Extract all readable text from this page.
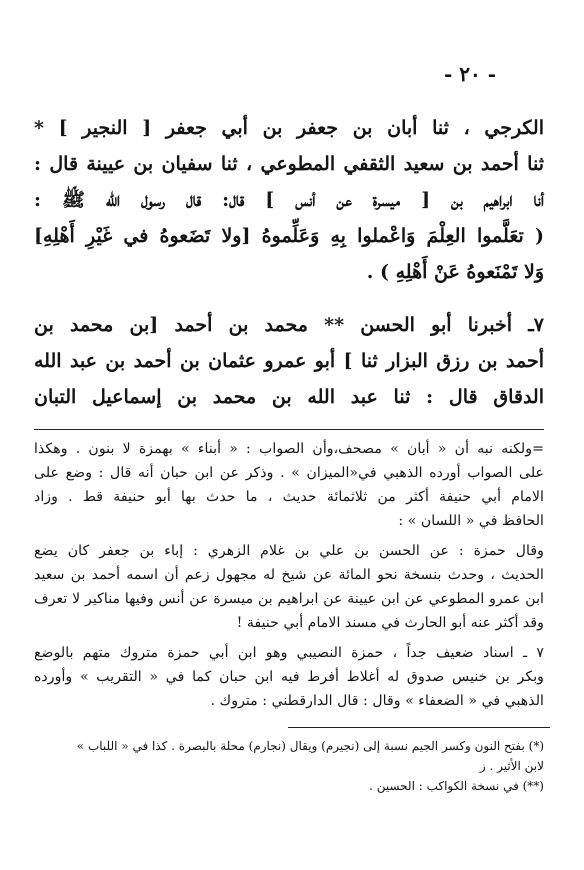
- ٢٠ -
الكرجي ، ثنا أبان بن جعفر بن أبي جعفر [ النجير ] *
ثنا أحمد بن سعيد الثقفي المطوعي ، ثنا سفيان بن عيينة قال :
أنا ابراهيم بن [ ميسرة عن أنس ] قال: قال رسول الله ﷺ :
( تعَلَّموا العِلْمَ وَاعْملوا بِهِ وَعَلِّموهُ [ولا تَضَعوهُ في غَيْرِ أَهْلِهِ]
وَلا تَمْنَعوهُ عَنْ أَهْلِهِ ) .
٧ـ أخبرنا أبو الحسن ** محمد بن أحمد [بن محمد بن
أحمد بن رزق البزار ثنا ] أبو عمرو عثمان بن أحمد بن عبد الله
الدقاق قال : ثنا عبد الله بن محمد بن إسماعيل التبان
=ولكنه نبه أن « أبان » مصحف،وأن الصواب : « أبناء » بهمزة لا بنون . وهكذا
على الصواب أورده الذهبي في«الميزان » . وذكر عن ابن حبان أنه قال : وضع على
الامام أبي حنيفة أكثر من ثلاثمائة حديث ، ما حدث بها أبو حنيفة قط . وزاد
الحافظ في « اللسان » :
وقال حمزة : عن الحسن بن علي بن غلام الزهري : إباء بن جعفر كان يضع
الحديث ، وحدث بنسخة نحو المائة عن شيخ له مجهول زعم أن اسمه أحمد بن سعيد
ابن عمرو المطوعي عن ابن عيينة عن ابراهيم بن ميسرة عن أنس وفيها مناكير لا تعرف
وقد أكثر عنه أبو الحارث في مسند الامام أبي حنيفة !
٧ ـ اسناد ضعيف جداً ، حمزة النصيبي وهو ابن أبي حمزة متروك متهم بالوضع
وبكر بن خنيس صدوق له أغلاط أفرط فيه ابن حبان كما في « التقريب » وأورده
الذهبي في « الضعفاء » وقال : قال الدارقطني : متروك .
(*) بفتح النون وكسر الجيم نسبة إلى (نجيرم) ويقال (نجارم) محلة بالبصرة . كذا في « اللباب »
لابن الأثير . ز
(**) في نسخة الكواكب : الحسين .
